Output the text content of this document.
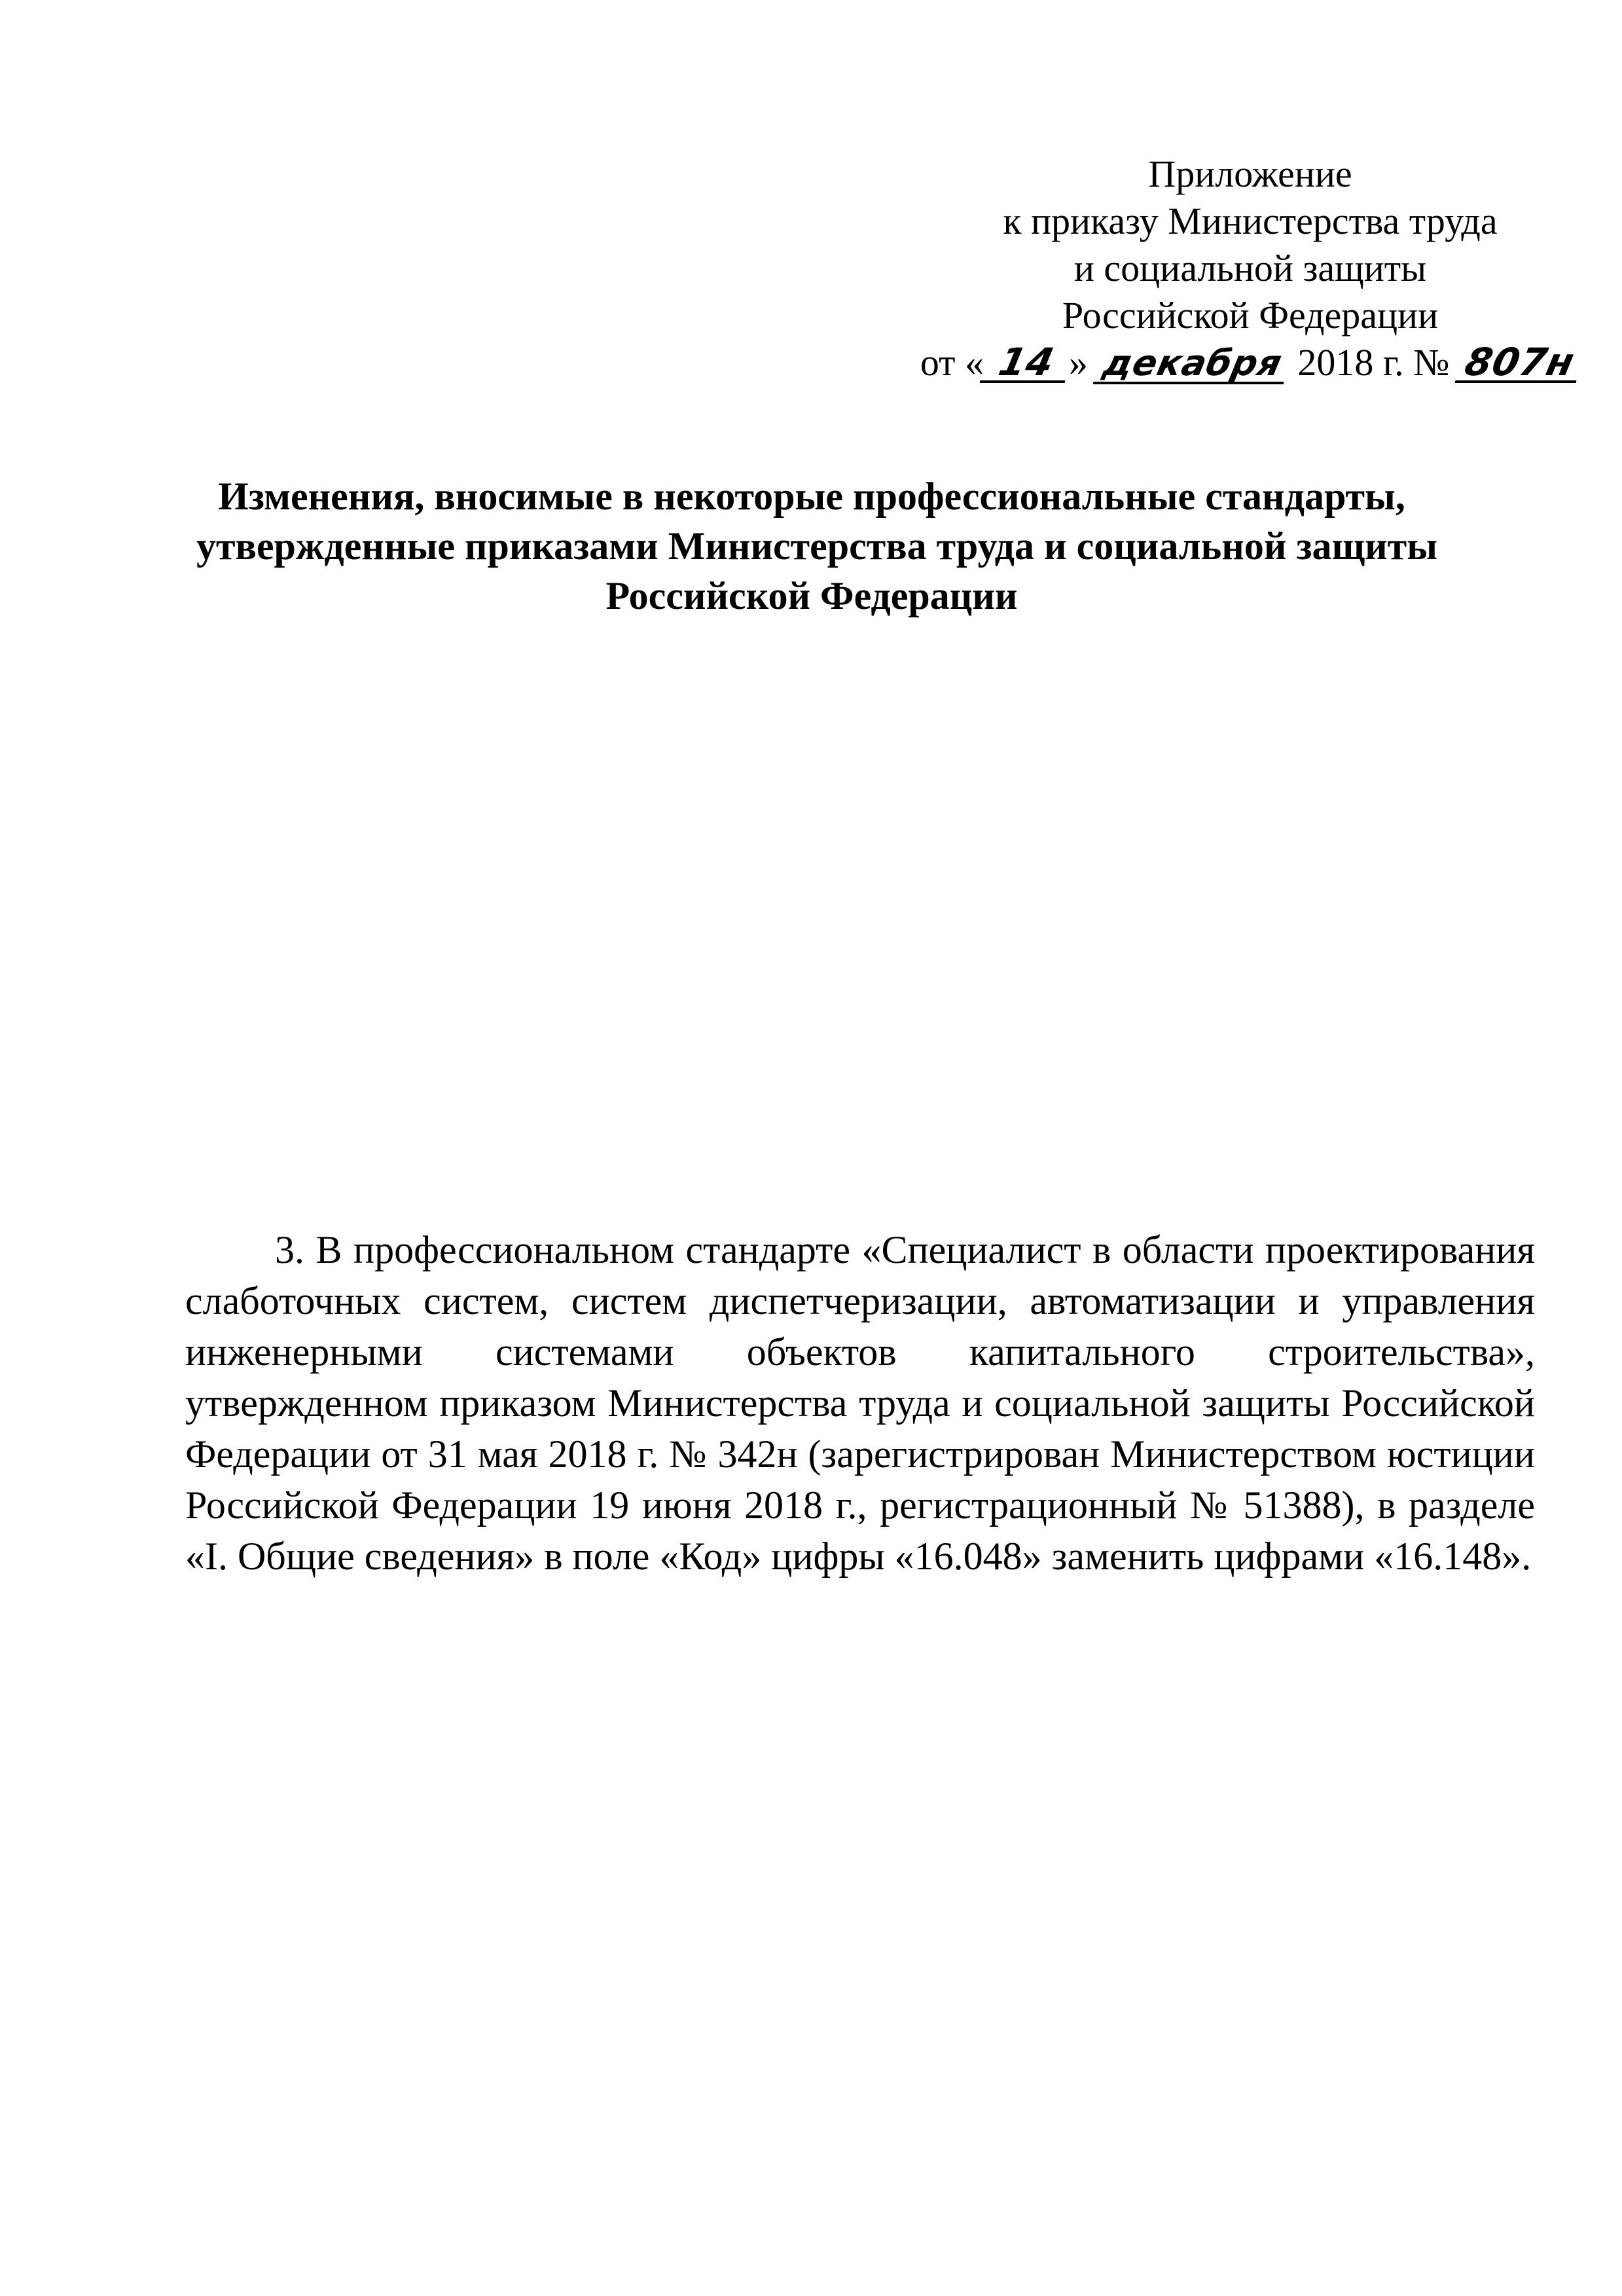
Приложение
к приказу Министерства труда
и социальной защиты
Российской Федерации
от « 14 » декабря 2018 г. № 807н
Изменения, вносимые в некоторые профессиональные стандарты,
утвержденные приказами Министерства труда и социальной защиты
Российской Федерации
3. В профессиональном стандарте «Специалист в области проектирования слаботочных систем, систем диспетчеризации, автоматизации и управления инженерными системами объектов капитального строительства», утвержденном приказом Министерства труда и социальной защиты Российской Федерации от 31 мая 2018 г. № 342н (зарегистрирован Министерством юстиции Российской Федерации 19 июня 2018 г., регистрационный № 51388), в разделе «I. Общие сведения» в поле «Код» цифры «16.048» заменить цифрами «16.148».
